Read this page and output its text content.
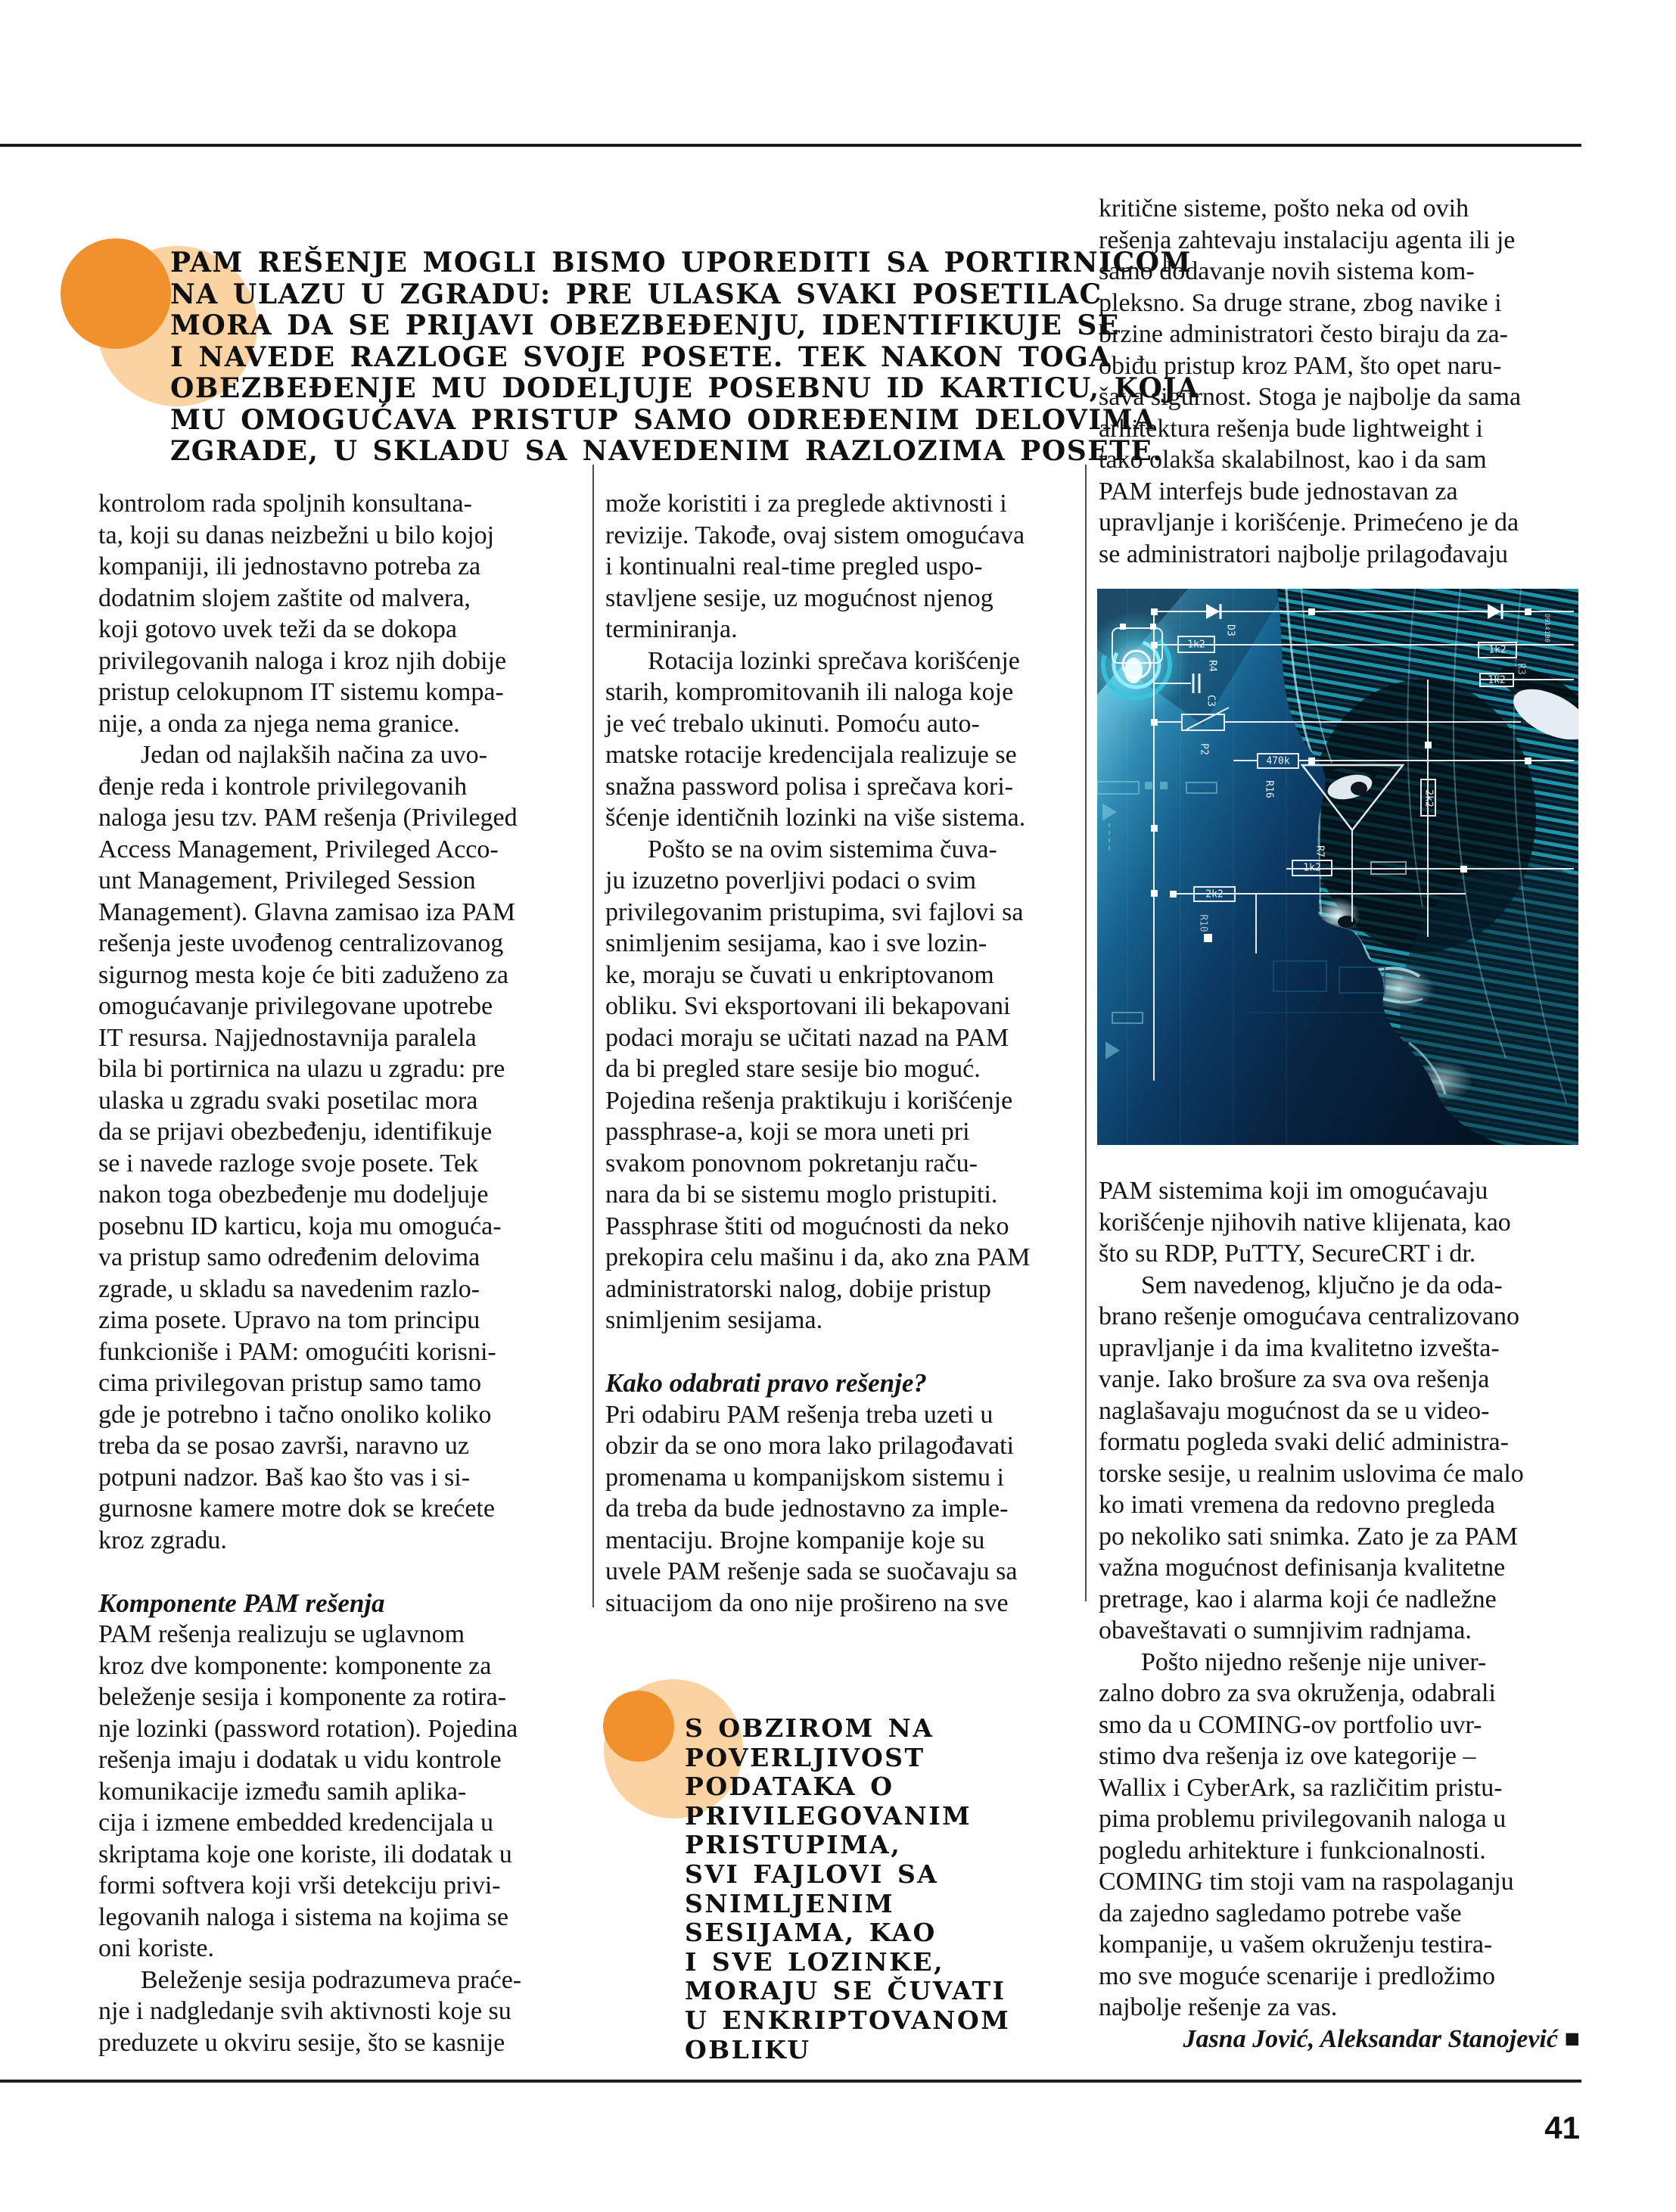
PAM REŠENJE MOGLI BISMO UPOREDITI SA PORTIRNICOM
NA ULAZU U ZGRADU: PRE ULASKA SVAKI POSETILAC
MORA DA SE PRIJAVI OBEZBEĐENJU, IDENTIFIKUJE SE
I NAVEDE RAZLOGE SVOJE POSETE. TEK NAKON TOGA
OBEZBEĐENJE MU DODELJUJE POSEBNU ID KARTICU, KOJA
MU OMOGUĆAVA PRISTUP SAMO ODREĐENIM DELOVIMA
ZGRADE, U SKLADU SA NAVEDENIM RAZLOZIMA POSETE.
kontrolom rada spoljnih konsultana-
ta, koji su danas neizbežni u bilo kojoj
kompaniji, ili jednostavno potreba za
dodatnim slojem zaštite od malvera,
koji gotovo uvek teži da se dokopa
privilegovanih naloga i kroz njih dobije
pristup celokupnom IT sistemu kompa-
nije, a onda za njega nema granice.
Jedan od najlakših načina za uvo-
đenje reda i kontrole privilegovanih
naloga jesu tzv. PAM rešenja (Privileged
Access Management, Privileged Acco-
unt Management, Privileged Session
Management). Glavna zamisao iza PAM
rešenja jeste uvođenog centralizovanog
sigurnog mesta koje će biti zaduženo za
omogućavanje privilegovane upotrebe
IT resursa. Najjednostavnija paralela
bila bi portirnica na ulazu u zgradu: pre
ulaska u zgradu svaki posetilac mora
da se prijavi obezbeđenju, identifikuje
se i navede razloge svoje posete. Tek
nakon toga obezbeđenje mu dodeljuje
posebnu ID karticu, koja mu omoguća-
va pristup samo određenim delovima
zgrade, u skladu sa navedenim razlo-
zima posete. Upravo na tom principu
funkcioniše i PAM: omogućiti korisni-
cima privilegovan pristup samo tamo
gde je potrebno i tačno onoliko koliko
treba da se posao završi, naravno uz
potpuni nadzor. Baš kao što vas i si-
gurnosne kamere motre dok se krećete
kroz zgradu.

Komponente PAM rešenja
PAM rešenja realizuju se uglavnom
kroz dve komponente: komponente za
beleženje sesija i komponente za rotira-
nje lozinki (password rotation). Pojedina
rešenja imaju i dodatak u vidu kontrole
komunikacije između samih aplika-
cija i izmene embedded kredencijala u
skriptama koje one koriste, ili dodatak u
formi softvera koji vrši detekciju privi-
legovanih naloga i sistema na kojima se
oni koriste.
Beleženje sesija podrazumeva praće-
nje i nadgledanje svih aktivnosti koje su
preduzete u okviru sesije, što se kasnije
može koristiti i za preglede aktivnosti i
revizije. Takođe, ovaj sistem omogućava
i kontinualni real-time pregled uspo-
stavljene sesije, uz mogućnost njenog
terminiranja.
Rotacija lozinki sprečava korišćenje
starih, kompromitovanih ili naloga koje
je već trebalo ukinuti. Pomoću auto-
matske rotacije kredencijala realizuje se
snažna password polisa i sprečava kori-
šćenje identičnih lozinki na više sistema.
Pošto se na ovim sistemima čuva-
ju izuzetno poverljivi podaci o svim
privilegovanim pristupima, svi fajlovi sa
snimljenim sesijama, kao i sve lozin-
ke, moraju se čuvati u enkriptovanom
obliku. Svi eksportovani ili bekapovani
podaci moraju se učitati nazad na PAM
da bi pregled stare sesije bio moguć.
Pojedina rešenja praktikuju i korišćenje
passphrase-a, koji se mora uneti pri
svakom ponovnom pokretanju raču-
nara da bi se sistemu moglo pristupiti.
Passphrase štiti od mogućnosti da neko
prekopira celu mašinu i da, ako zna PAM
administratorski nalog, dobije pristup
snimljenim sesijama.

Kako odabrati pravo rešenje?
Pri odabiru PAM rešenja treba uzeti u
obzir da se ono mora lako prilagođavati
promenama u kompanijskom sistemu i
da treba da bude jednostavno za imple-
mentaciju. Brojne kompanije koje su
uvele PAM rešenje sada se suočavaju sa
situacijom da ono nije prošireno na sve
kritične sisteme, pošto neka od ovih
rešenja zahtevaju instalaciju agenta ili je
samo dodavanje novih sistema kom-
pleksno. Sa druge strane, zbog navike i
brzine administratori često biraju da za-
obiđu pristup kroz PAM, što opet naru-
šava sigurnost. Stoga je najbolje da sama
arhitektura rešenja bude lightweight i
tako olakša skalabilnost, kao i da sam
PAM interfejs bude jednostavan za
upravljanje i korišćenje. Primećeno je da
se administratori najbolje prilagođavaju
PAM sistemima koji im omogućavaju
korišćenje njihovih native klijenata, kao
što su RDP, PuTTY, SecureCRT i dr.
Sem navedenog, ključno je da oda-
brano rešenje omogućava centralizovano
upravljanje i da ima kvalitetno izvešta-
vanje. Iako brošure za sva ova rešenja
naglašavaju mogućnost da se u video-
formatu pogleda svaki delić administra-
torske sesije, u realnim uslovima će malo
ko imati vremena da redovno pregleda
po nekoliko sati snimka. Zato je za PAM
važna mogućnost definisanja kvalitetne
pretrage, kao i alarma koji će nadležne
obaveštavati o sumnjivim radnjama.
Pošto nijedno rešenje nije univer-
zalno dobro za sva okruženja, odabrali
smo da u COMING-ov portfolio uvr-
stimo dva rešenja iz ove kategorije –
Wallix i CyberArk, sa različitim pristu-
pima problemu privilegovanih naloga u
pogledu arhitekture i funkcionalnosti.
COMING tim stoji vam na raspolaganju
da zajedno sagledamo potrebe vaše
kompanije, u vašem okruženju testira-
mo sve moguće scenarije i predložimo
najbolje rešenje za vas.
Jasna Jović, Aleksandar Stanojević ■
S OBZIROM NA
POVERLJIVOST
PODATAKA O
PRIVILEGOVANIM
PRISTUPIMA,
SVI FAJLOVI SA
SNIMLJENIM
SESIJAMA, KAO
I SVE LOZINKE,
MORAJU SE ČUVATI
U ENKRIPTOVANOM
OBLIKU
D3
1k2
R4
C3
P2
470k
R16
1k2
R3
1k2
2k2
R7
1k2
2k2
R10
D9141B0
41
